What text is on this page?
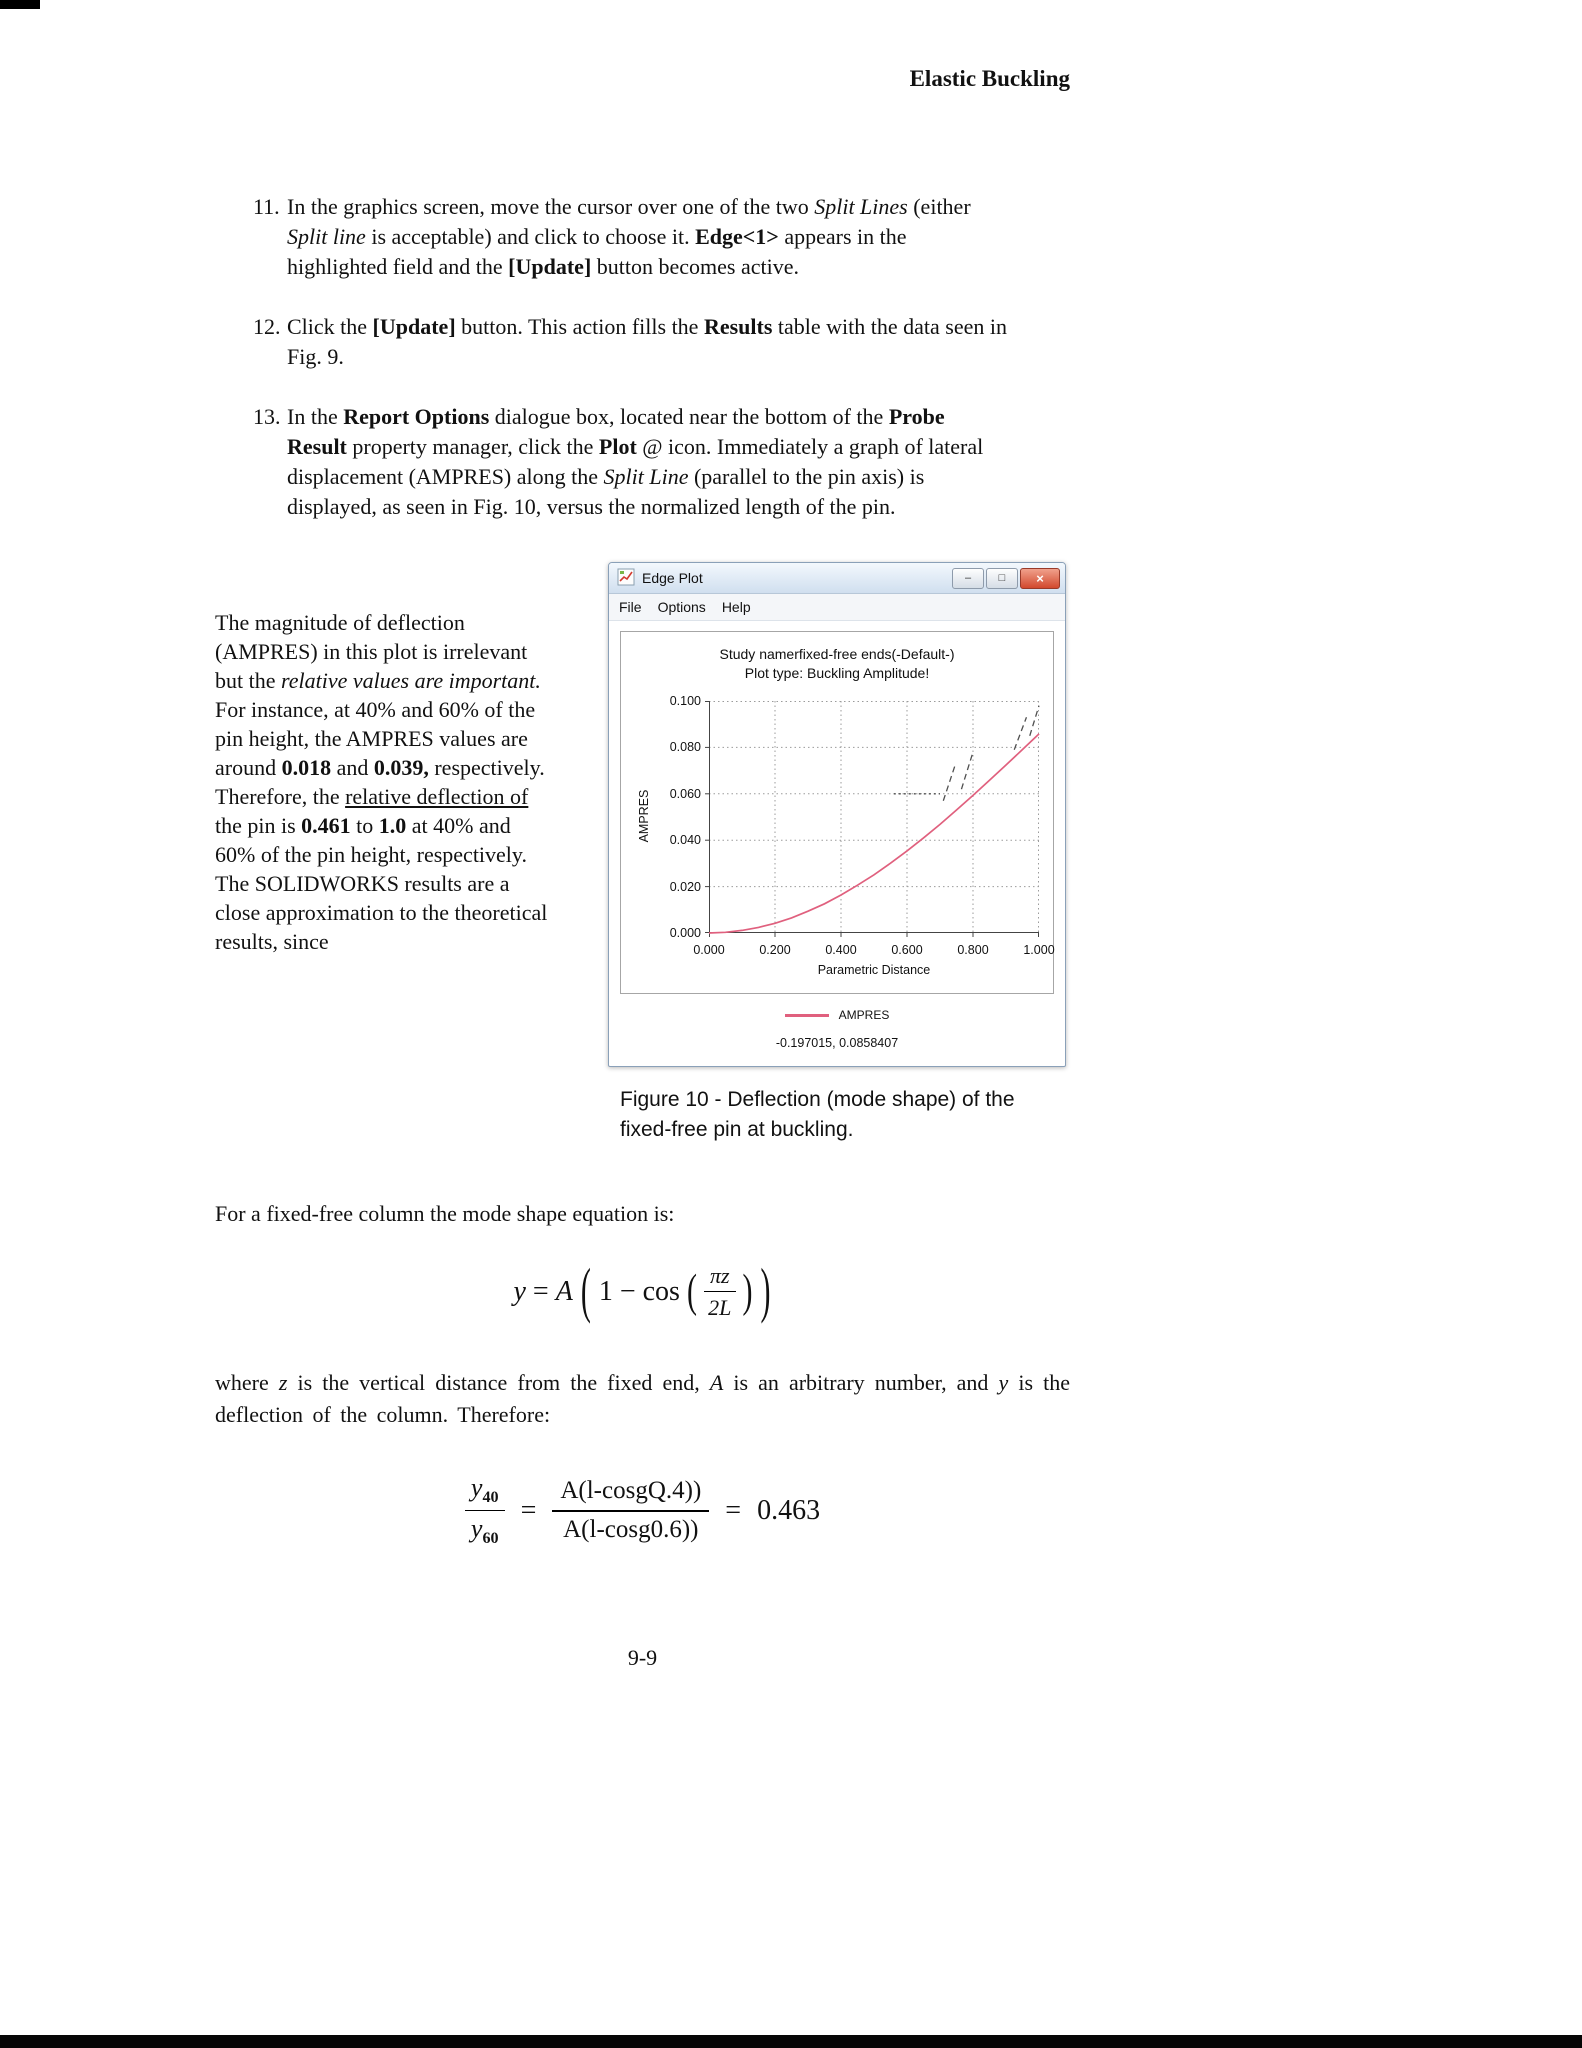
Elastic Buckling
11. In the graphics screen, move the cursor over one of the two Split Lines (either Split line is acceptable) and click to choose it. Edge<1> appears in the highlighted field and the [Update] button becomes active.
12. Click the [Update] button. This action fills the Results table with the data seen in Fig. 9.
13. In the Report Options dialogue box, located near the bottom of the Probe Result property manager, click the Plot @ icon. Immediately a graph of lateral displacement (AMPRES) along the Split Line (parallel to the pin axis) is displayed, as seen in Fig. 10, versus the normalized length of the pin.
The magnitude of deflection (AMPRES) in this plot is irrelevant but the relative values are important. For instance, at 40% and 60% of the pin height, the AMPRES values are around 0.018 and 0.039, respectively. Therefore, the relative deflection of the pin is 0.461 to 1.0 at 40% and 60% of the pin height, respectively. The SOLIDWORKS results are a close approximation to the theoretical results, since
Edge Plot	–	□	×
File Options Help
Study namerfixed-free ends(-Default-)
Plot type: Buckling Amplitude!
AMPRES
0.000
0.020
0.040
0.060
0.080
0.100
0.000	0.200	0.400	0.600	0.800	1.000
Parametric Distance
AMPRES
-0.197015, 0.0858407
Figure 10 - Deflection (mode shape) of the
fixed-free pin at buckling.
For a fixed-free column the mode shape equation is:
y = A ( 1 − cos ( $\frac{\pi z}{2L}$ ) )
where z is the vertical distance from the fixed end, A is an arbitrary number, and y is the deflection of the column. Therefore:
$\frac{y_{40}}{y_{60}} = \frac{\text{A(l-cosgQ.4))}}{A(l-\cos g0.6))} = 0.463$
9-9
